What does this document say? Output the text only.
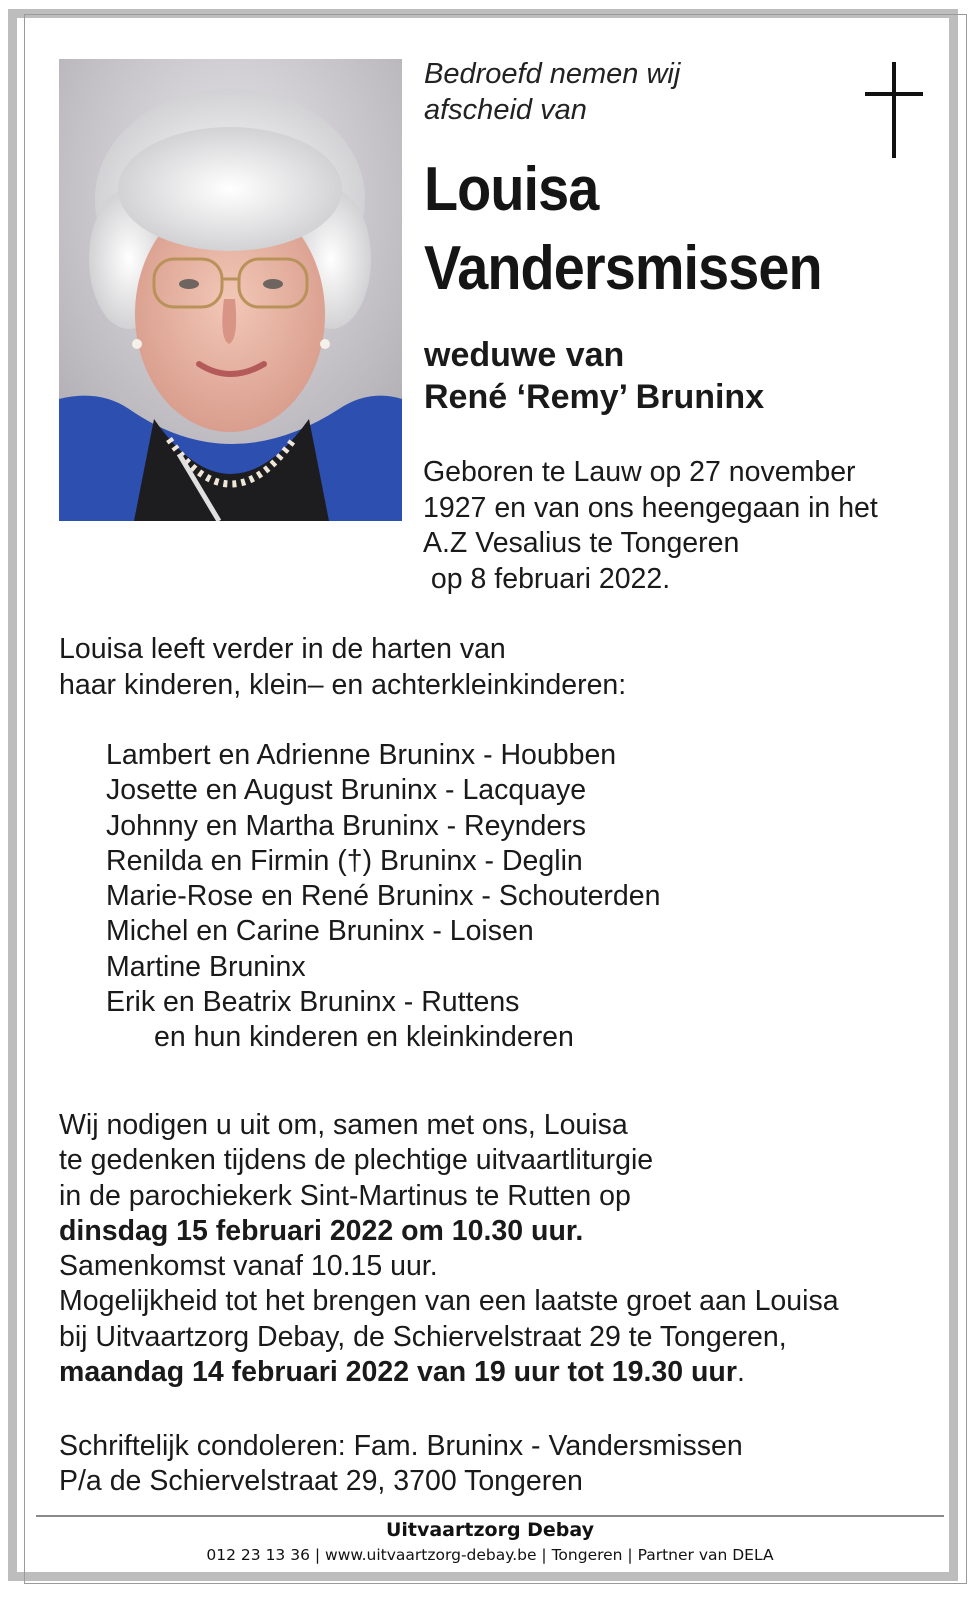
Bedroefd nemen wij
afscheid van
Louisa
Vandersmissen
weduwe van
René ‘Remy’ Bruninx
Geboren te Lauw op 27 november
1927 en van ons heengegaan in het
A.Z Vesalius te Tongeren
op 8 februari 2022.
Louisa leeft verder in de harten van
haar kinderen, klein– en achterkleinkinderen:
Lambert en Adrienne Bruninx - Houbben
Josette en August Bruninx - Lacquaye
Johnny en Martha Bruninx - Reynders
Renilda en Firmin (†) Bruninx - Deglin
Marie-Rose en René Bruninx - Schouterden
Michel en Carine Bruninx - Loisen
Martine Bruninx
Erik en Beatrix Bruninx - Ruttens
en hun kinderen en kleinkinderen
Wij nodigen u uit om, samen met ons, Louisa
te gedenken tijdens de plechtige uitvaartliturgie
in de parochiekerk Sint-Martinus te Rutten op
dinsdag 15 februari 2022 om 10.30 uur.
Samenkomst vanaf 10.15 uur.
Mogelijkheid tot het brengen van een laatste groet aan Louisa
bij Uitvaartzorg Debay, de Schiervelstraat 29 te Tongeren,
maandag 14 februari 2022 van 19 uur tot 19.30 uur.
Schriftelijk condoleren: Fam. Bruninx - Vandersmissen
P/a de Schiervelstraat 29, 3700 Tongeren
Uitvaartzorg Debay
012 23 13 36 | www.uitvaartzorg-debay.be | Tongeren | Partner van DELA
